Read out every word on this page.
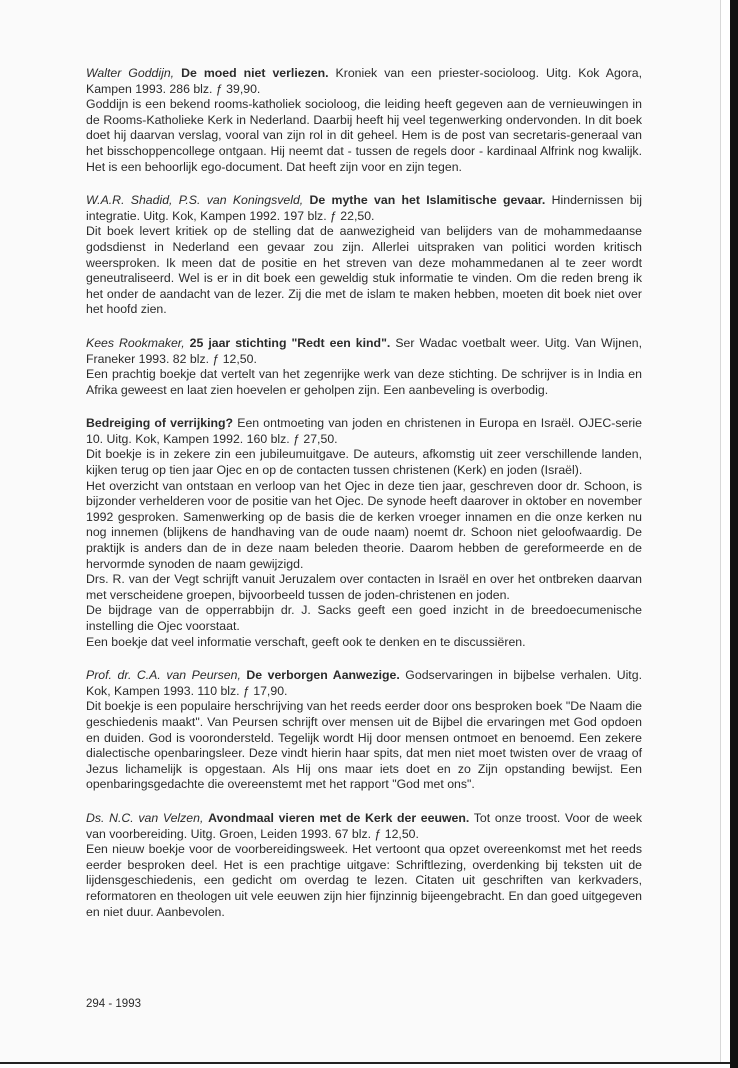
Walter Goddijn, De moed niet verliezen. Kroniek van een priester-socioloog. Uitg. Kok Agora, Kampen 1993. 286 blz. ƒ 39,90.

Goddijn is een bekend rooms-katholiek socioloog, die leiding heeft gegeven aan de vernieuwingen in de Rooms-Katholieke Kerk in Nederland. Daarbij heeft hij veel tegenwerking ondervonden. In dit boek doet hij daarvan verslag, vooral van zijn rol in dit geheel. Hem is de post van secretaris-generaal van het bisschoppencollege ontgaan. Hij neemt dat - tussen de regels door - kardinaal Alfrink nog kwalijk. Het is een behoorlijk ego-document. Dat heeft zijn voor en zijn tegen.

W.A.R. Shadid, P.S. van Koningsveld, De mythe van het Islamitische gevaar. Hindernissen bij integratie. Uitg. Kok, Kampen 1992. 197 blz. ƒ 22,50.

Dit boek levert kritiek op de stelling dat de aanwezigheid van belijders van de mohammedaanse godsdienst in Nederland een gevaar zou zijn. Allerlei uitspraken van politici worden kritisch weersproken. Ik meen dat de positie en het streven van deze mohammedanen al te zeer wordt geneutraliseerd. Wel is er in dit boek een geweldig stuk informatie te vinden. Om die reden breng ik het onder de aandacht van de lezer. Zij die met de islam te maken hebben, moeten dit boek niet over het hoofd zien.

Kees Rookmaker, 25 jaar stichting "Redt een kind". Ser Wadac voetbalt weer. Uitg. Van Wijnen, Franeker 1993. 82 blz. ƒ 12,50.

Een prachtig boekje dat vertelt van het zegenrijke werk van deze stichting. De schrijver is in India en Afrika geweest en laat zien hoevelen er geholpen zijn. Een aanbeveling is overbodig.

Bedreiging of verrijking? Een ontmoeting van joden en christenen in Europa en Israël. OJEC-serie 10. Uitg. Kok, Kampen 1992. 160 blz. ƒ 27,50.

Dit boekje is in zekere zin een jubileumuitgave. De auteurs, afkomstig uit zeer verschillende landen, kijken terug op tien jaar Ojec en op de contacten tussen christenen (Kerk) en joden (Israël).

Het overzicht van ontstaan en verloop van het Ojec in deze tien jaar, geschreven door dr. Schoon, is bijzonder verhelderen voor de positie van het Ojec. De synode heeft daarover in oktober en november 1992 gesproken. Samenwerking op de basis die de kerken vroeger innamen en die onze kerken nu nog innemen (blijkens de handhaving van de oude naam) noemt dr. Schoon niet geloofwaardig. De praktijk is anders dan de in deze naam beleden theorie. Daarom hebben de gereformeerde en de hervormde synoden de naam gewijzigd.

Drs. R. van der Vegt schrijft vanuit Jeruzalem over contacten in Israël en over het ontbreken daarvan met verscheidene groepen, bijvoorbeeld tussen de joden-christenen en joden.

De bijdrage van de opperrabbijn dr. J. Sacks geeft een goed inzicht in de breedoecumenische instelling die Ojec voorstaat.

Een boekje dat veel informatie verschaft, geeft ook te denken en te discussiëren.

Prof. dr. C.A. van Peursen, De verborgen Aanwezige. Godservaringen in bijbelse verhalen. Uitg. Kok, Kampen 1993. 110 blz. ƒ 17,90.

Dit boekje is een populaire herschrijving van het reeds eerder door ons besproken boek "De Naam die geschiedenis maakt". Van Peursen schrijft over mensen uit de Bijbel die ervaringen met God opdoen en duiden. God is voorondersteld. Tegelijk wordt Hij door mensen ontmoet en benoemd. Een zekere dialectische openbaringsleer. Deze vindt hierin haar spits, dat men niet moet twisten over de vraag of Jezus lichamelijk is opgestaan. Als Hij ons maar iets doet en zo Zijn opstanding bewijst. Een openbaringsgedachte die overeenstemt met het rapport "God met ons".

Ds. N.C. van Velzen, Avondmaal vieren met de Kerk der eeuwen. Tot onze troost. Voor de week van voorbereiding. Uitg. Groen, Leiden 1993. 67 blz. ƒ 12,50.

Een nieuw boekje voor de voorbereidingsweek. Het vertoont qua opzet overeenkomst met het reeds eerder besproken deel. Het is een prachtige uitgave: Schriftlezing, overdenking bij teksten uit de lijdensgeschiedenis, een gedicht om overdag te lezen. Citaten uit geschriften van kerkvaders, reformatoren en theologen uit vele eeuwen zijn hier fijnzinnig bijeengebracht. En dan goed uitgegeven en niet duur. Aanbevolen.

294 - 1993
